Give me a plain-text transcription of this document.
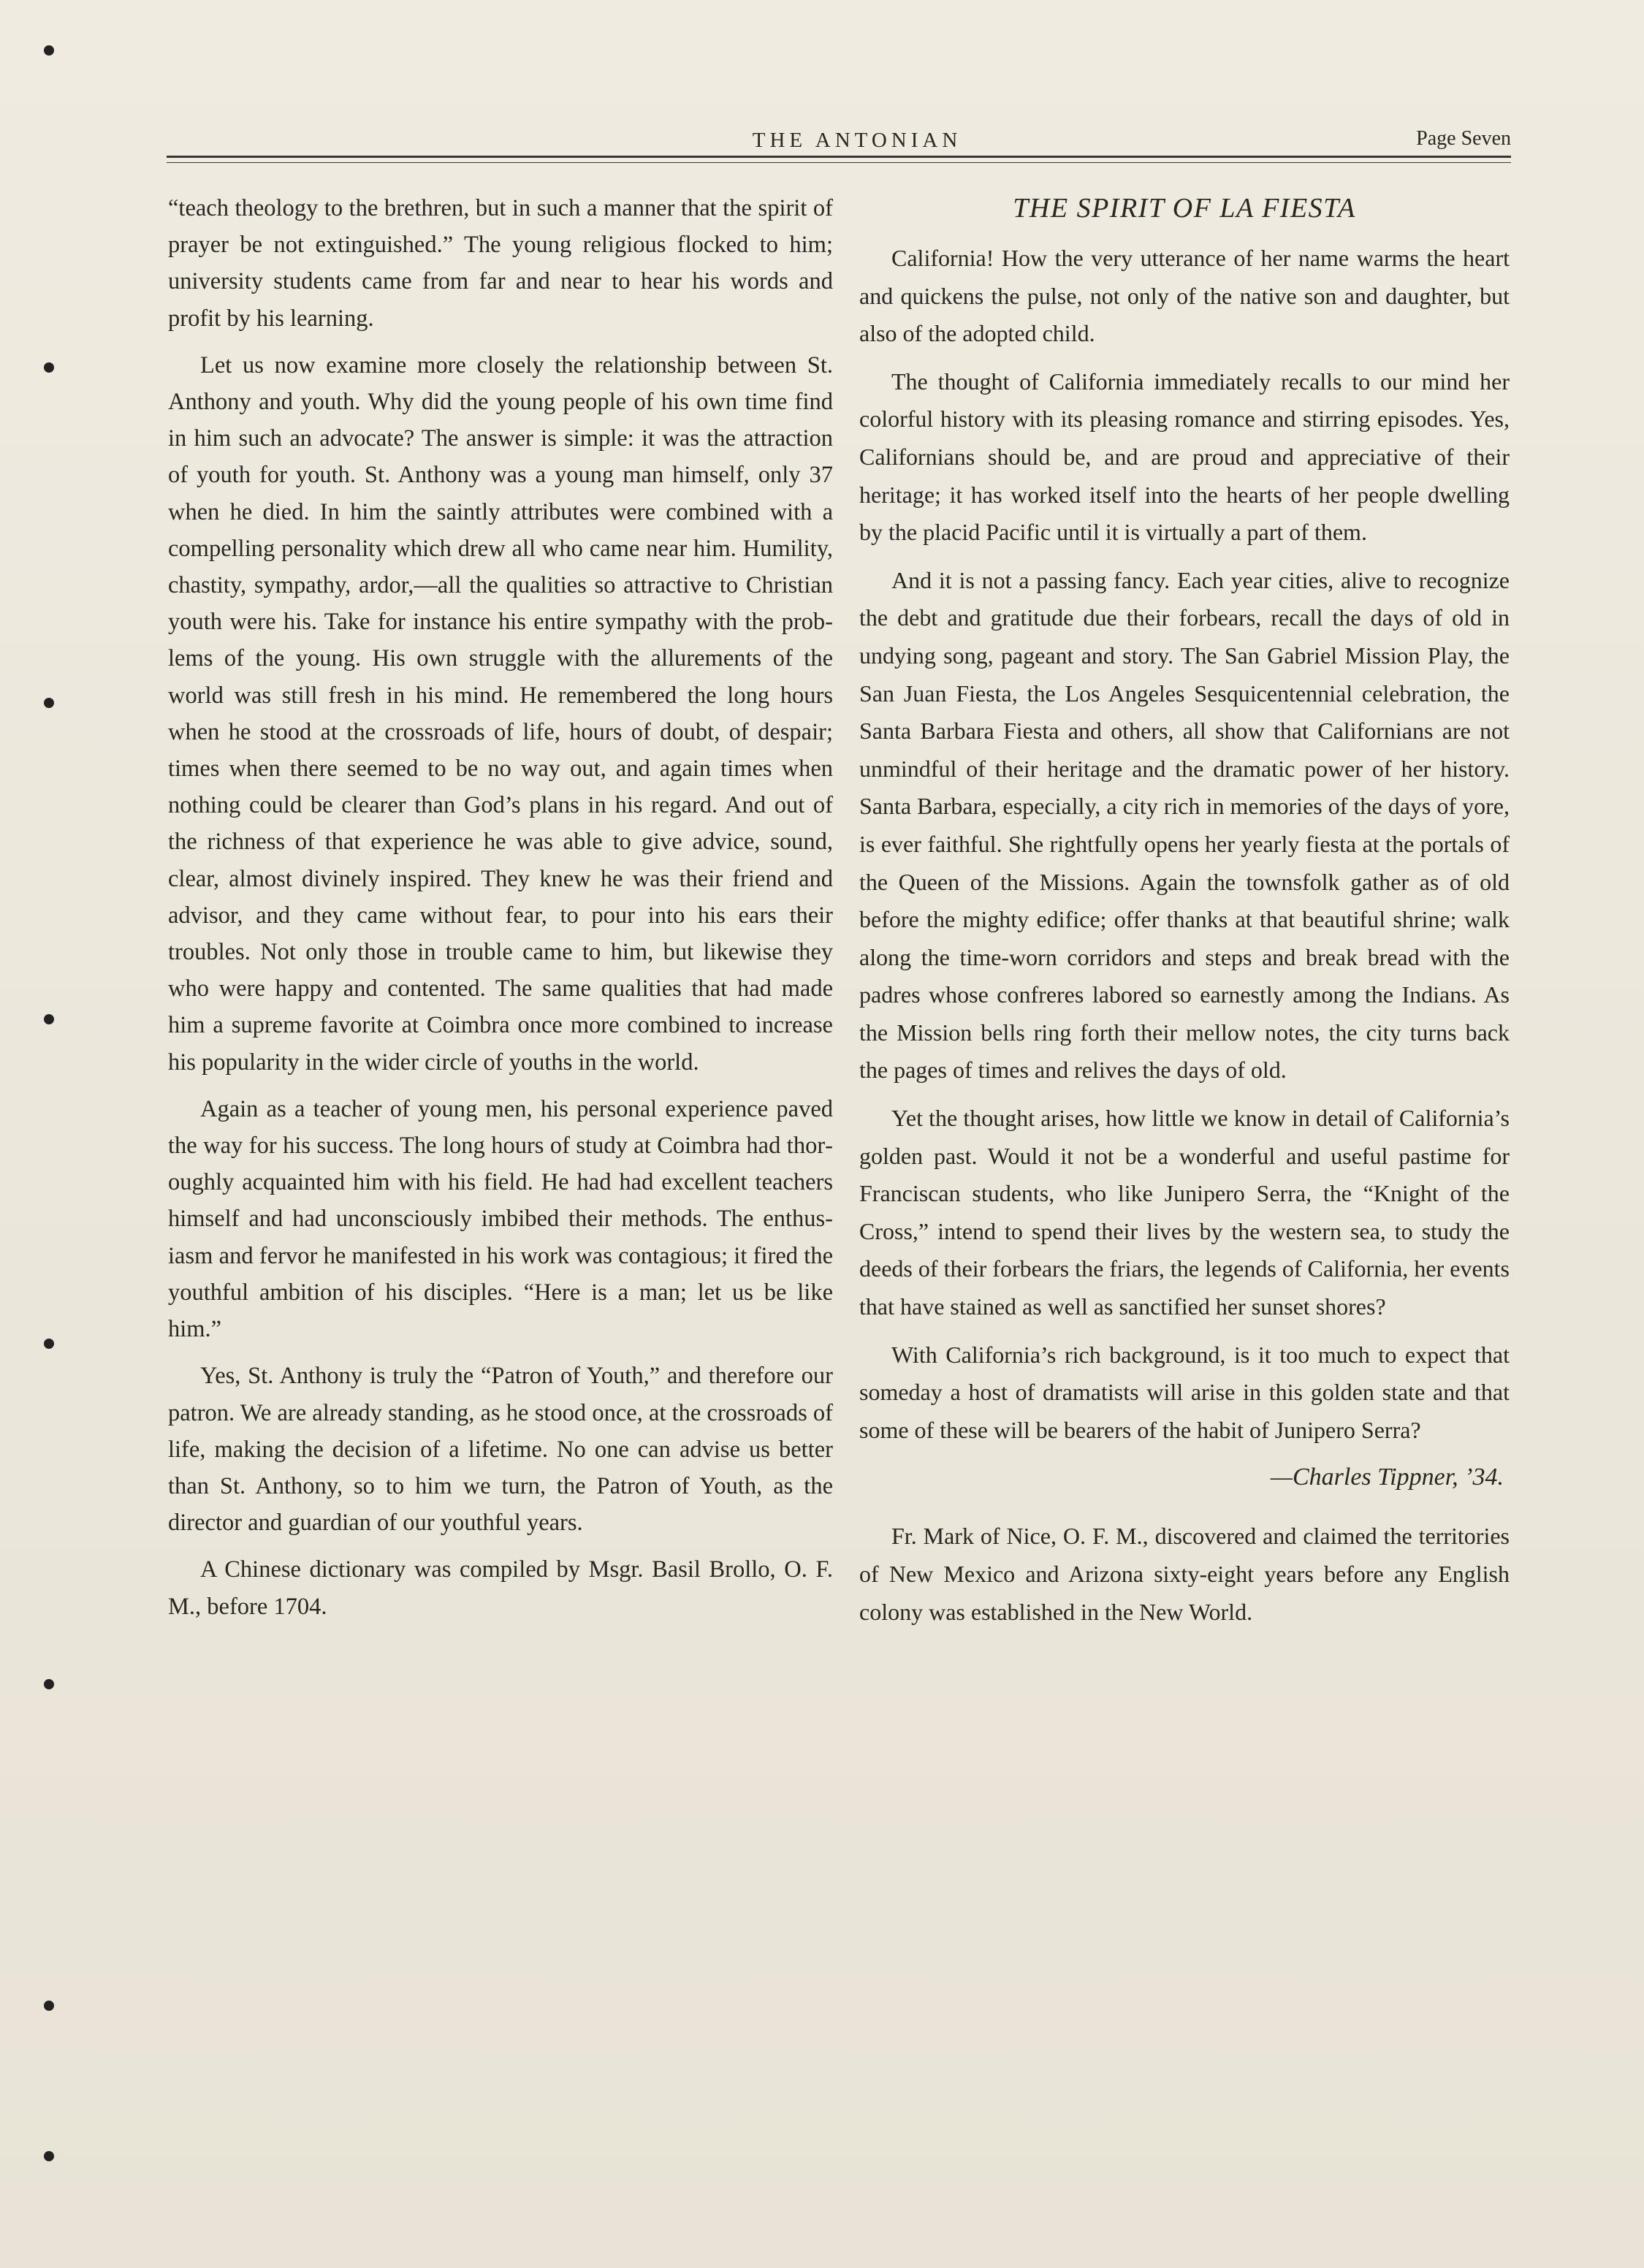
THE ANTONIAN	Page Seven

“teach theology to the brethren, but in such a manner that the spirit of prayer be not extinguished.” The young religious flocked to him; university students came from far and near to hear his words and profit by his learning.

Let us now examine more closely the relationship between St. Anthony and youth. Why did the young people of his own time find in him such an advocate? The answer is simple: it was the attraction of youth for youth. St. Anthony was a young man himself, only 37 when he died. In him the saintly attributes were combined with a compelling personality which drew all who came near him. Humility, chastity, sympathy, ardor,—all the qualities so attractive to Christian youth were his. Take for instance his entire sympathy with the problems of the young. His own struggle with the allurements of the world was still fresh in his mind. He remembered the long hours when he stood at the crossroads of life, hours of doubt, of despair; times when there seemed to be no way out, and again times when nothing could be clearer than God’s plans in his regard. And out of the richness of that experience he was able to give advice, sound, clear, almost divinely inspired. They knew he was their friend and advisor, and they came without fear, to pour into his ears their troubles. Not only those in trouble came to him, but likewise they who were happy and contented. The same qualities that had made him a supreme favorite at Coimbra once more combined to increase his popularity in the wider circle of youths in the world.

Again as a teacher of young men, his personal experience paved the way for his success. The long hours of study at Coimbra had thoroughly acquainted him with his field. He had had excellent teachers himself and had unconsciously imbibed their methods. The enthusiasm and fervor he manifested in his work was contagious; it fired the youthful ambition of his disciples. “Here is a man; let us be like him.”

Yes, St. Anthony is truly the “Patron of Youth,” and therefore our patron. We are already standing, as he stood once, at the crossroads of life, making the decision of a lifetime. No one can advise us better than St. Anthony, so to him we turn, the Patron of Youth, as the director and guardian of our youthful years.

A Chinese dictionary was compiled by Msgr. Basil Brollo, O. F. M., before 1704.

THE SPIRIT OF LA FIESTA

California! How the very utterance of her name warms the heart and quickens the pulse, not only of the native son and daughter, but also of the adopted child.

The thought of California immediately recalls to our mind her colorful history with its pleasing romance and stirring episodes. Yes, Californians should be, and are proud and appreciative of their heritage; it has worked itself into the hearts of her people dwelling by the placid Pacific until it is virtually a part of them.

And it is not a passing fancy. Each year cities, alive to recognize the debt and gratitude due their forbears, recall the days of old in undying song, pageant and story. The San Gabriel Mission Play, the San Juan Fiesta, the Los Angeles Sesquicentennial celebration, the Santa Barbara Fiesta and others, all show that Californians are not unmindful of their heritage and the dramatic power of her history. Santa Barbara, especially, a city rich in memories of the days of yore, is ever faithful. She rightfully opens her yearly fiesta at the portals of the Queen of the Missions. Again the townsfolk gather as of old before the mighty edifice; offer thanks at that beautiful shrine; walk along the time-worn corridors and steps and break bread with the padres whose confreres labored so earnestly among the Indians. As the Mission bells ring forth their mellow notes, the city turns back the pages of times and relives the days of old.

Yet the thought arises, how little we know in detail of California’s golden past. Would it not be a wonderful and useful pastime for Franciscan students, who like Junipero Serra, the “Knight of the Cross,” intend to spend their lives by the western sea, to study the deeds of their forbears the friars, the legends of California, her events that have stained as well as sanctified her sunset shores?

With California’s rich background, is it too much to expect that someday a host of dramatists will arise in this golden state and that some of these will be bearers of the habit of Junipero Serra?

—Charles Tippner, ’34.

Fr. Mark of Nice, O. F. M., discovered and claimed the territories of New Mexico and Arizona sixty-eight years before any English colony was established in the New World.
